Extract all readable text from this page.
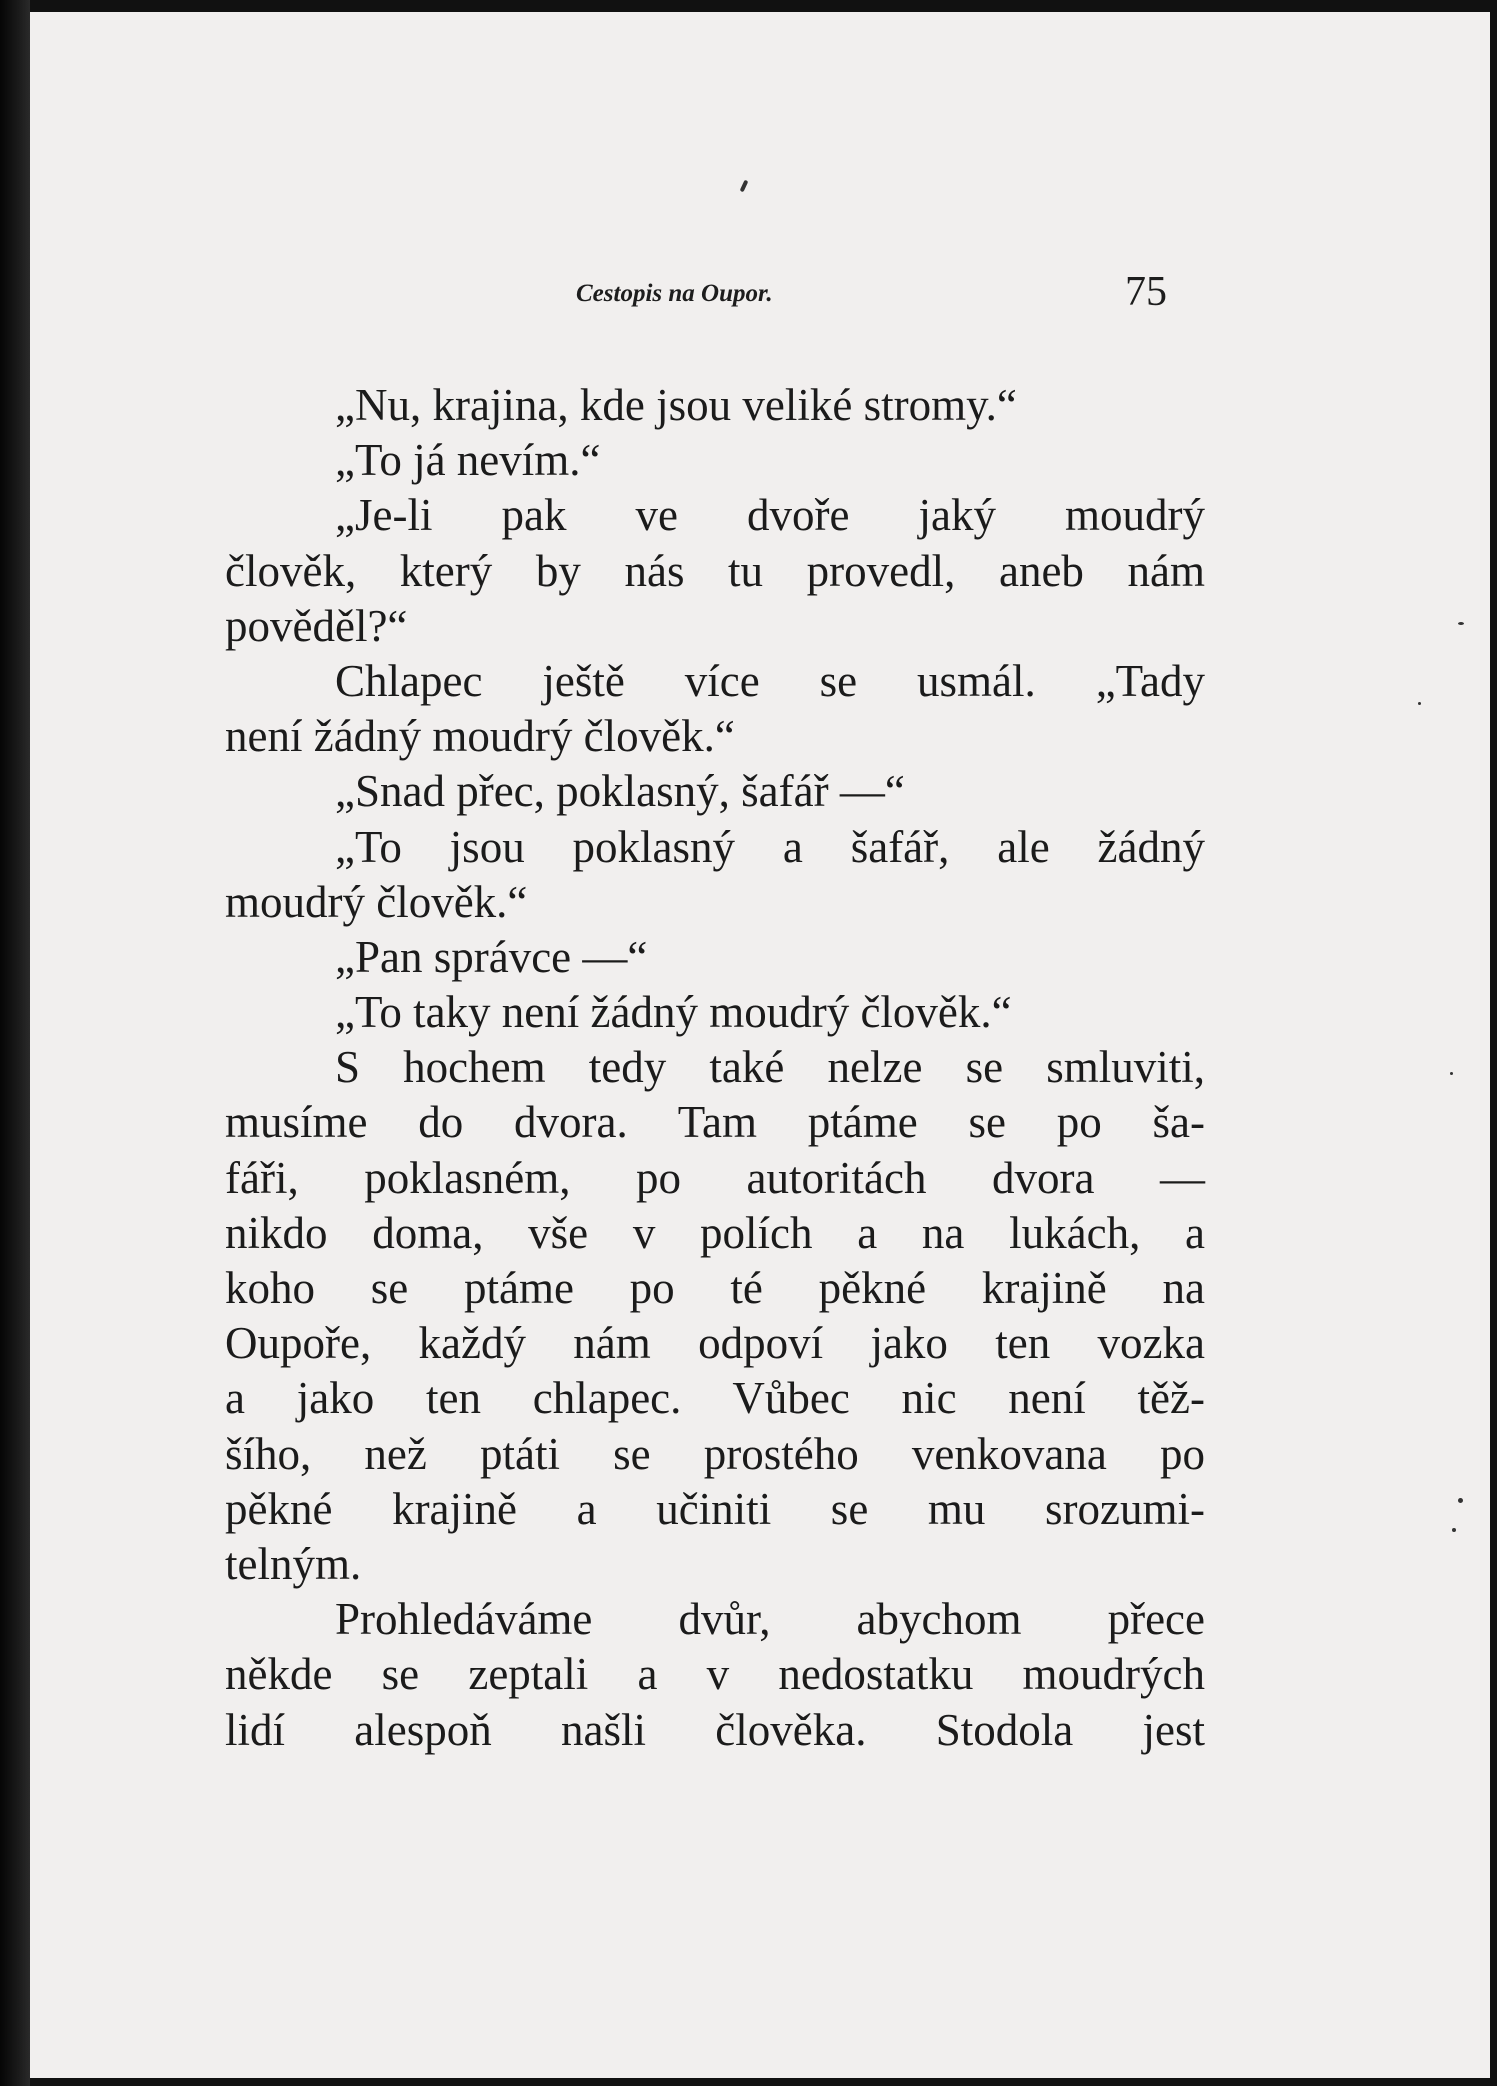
Cestopis na Oupor.	75
„Nu, krajina, kde jsou veliké stromy.“
„To já nevím.“
„Je-li pak ve dvoře jaký moudrý
člověk, který by nás tu provedl, aneb nám
pověděl?“
Chlapec ještě více se usmál. „Tady
není žádný moudrý člověk.“
„Snad přec, poklasný, šafář —“
„To jsou poklasný a šafář, ale žádný
moudrý člověk.“
„Pan správce —“
„To taky není žádný moudrý člověk.“
S hochem tedy také nelze se smluviti,
musíme do dvora. Tam ptáme se po ša-
fáři, poklasném, po autoritách dvora —
nikdo doma, vše v polích a na lukách, a
koho se ptáme po té pěkné krajině na
Oupoře, každý nám odpoví jako ten vozka
a jako ten chlapec. Vůbec nic není těž-
šího, než ptáti se prostého venkovana po
pěkné krajině a učiniti se mu srozumi-
telným.
Prohledáváme dvůr, abychom přece
někde se zeptali a v nedostatku moudrých
lidí alespoň našli člověka. Stodola jest
